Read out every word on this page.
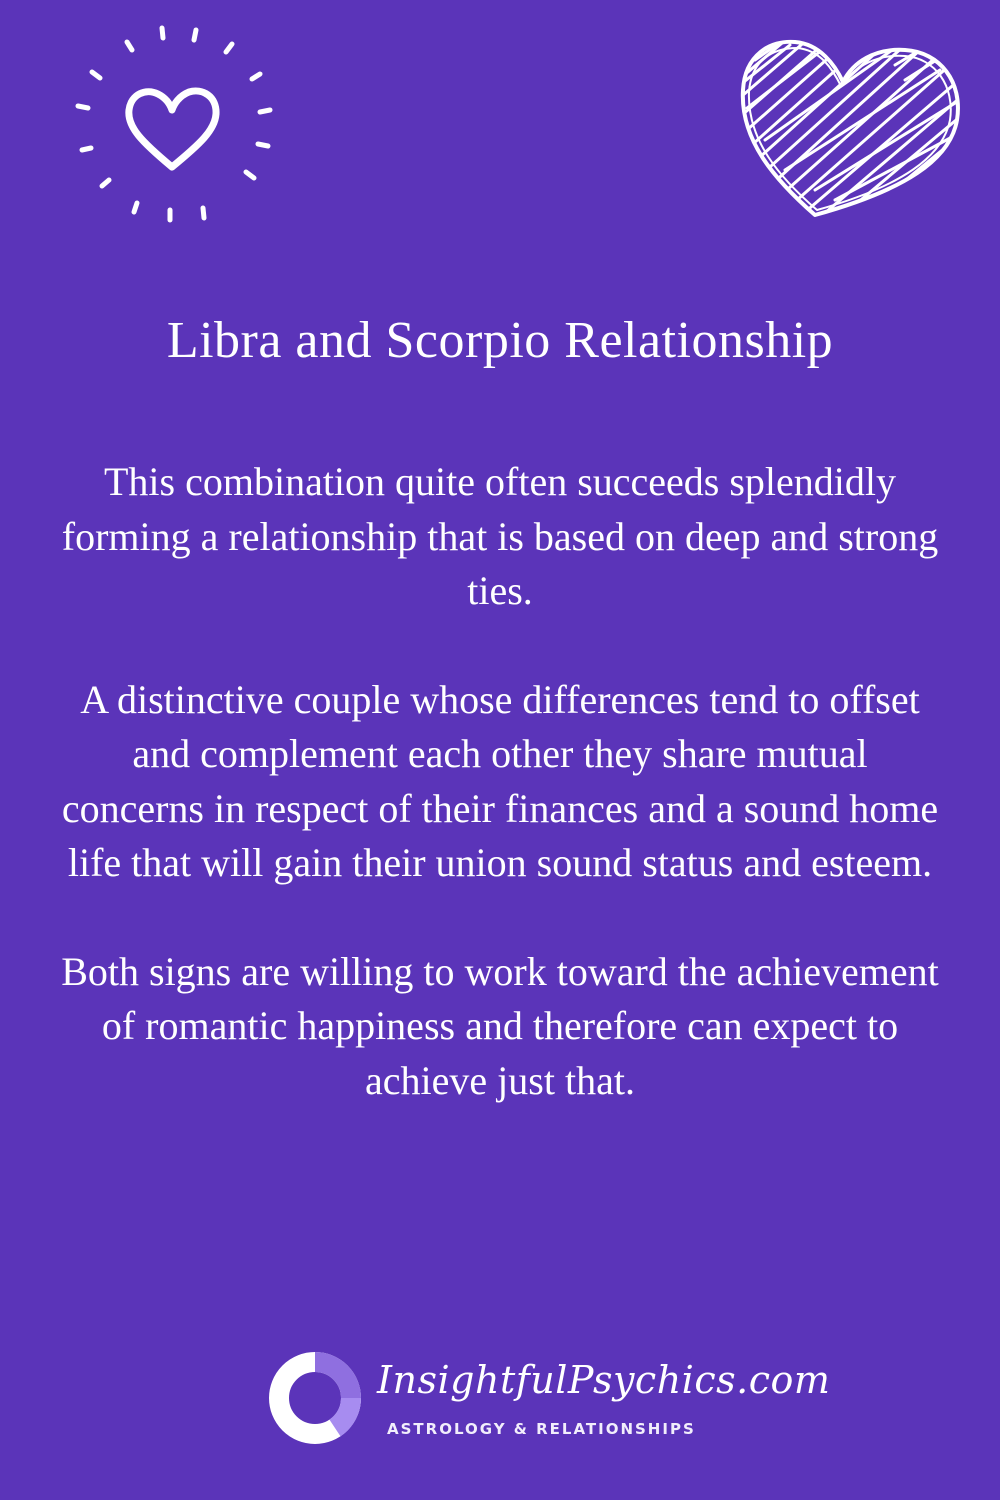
Libra and Scorpio Relationship

This combination quite often succeeds splendidly forming a relationship that is based on deep and strong ties.

A distinctive couple whose differences tend to offset and complement each other they share mutual concerns in respect of their finances and a sound home life that will gain their union sound status and esteem.

Both signs are willing to work toward the achievement of romantic happiness and therefore can expect to achieve just that.

InsightfulPsychics.com
ASTROLOGY & RELATIONSHIPS
